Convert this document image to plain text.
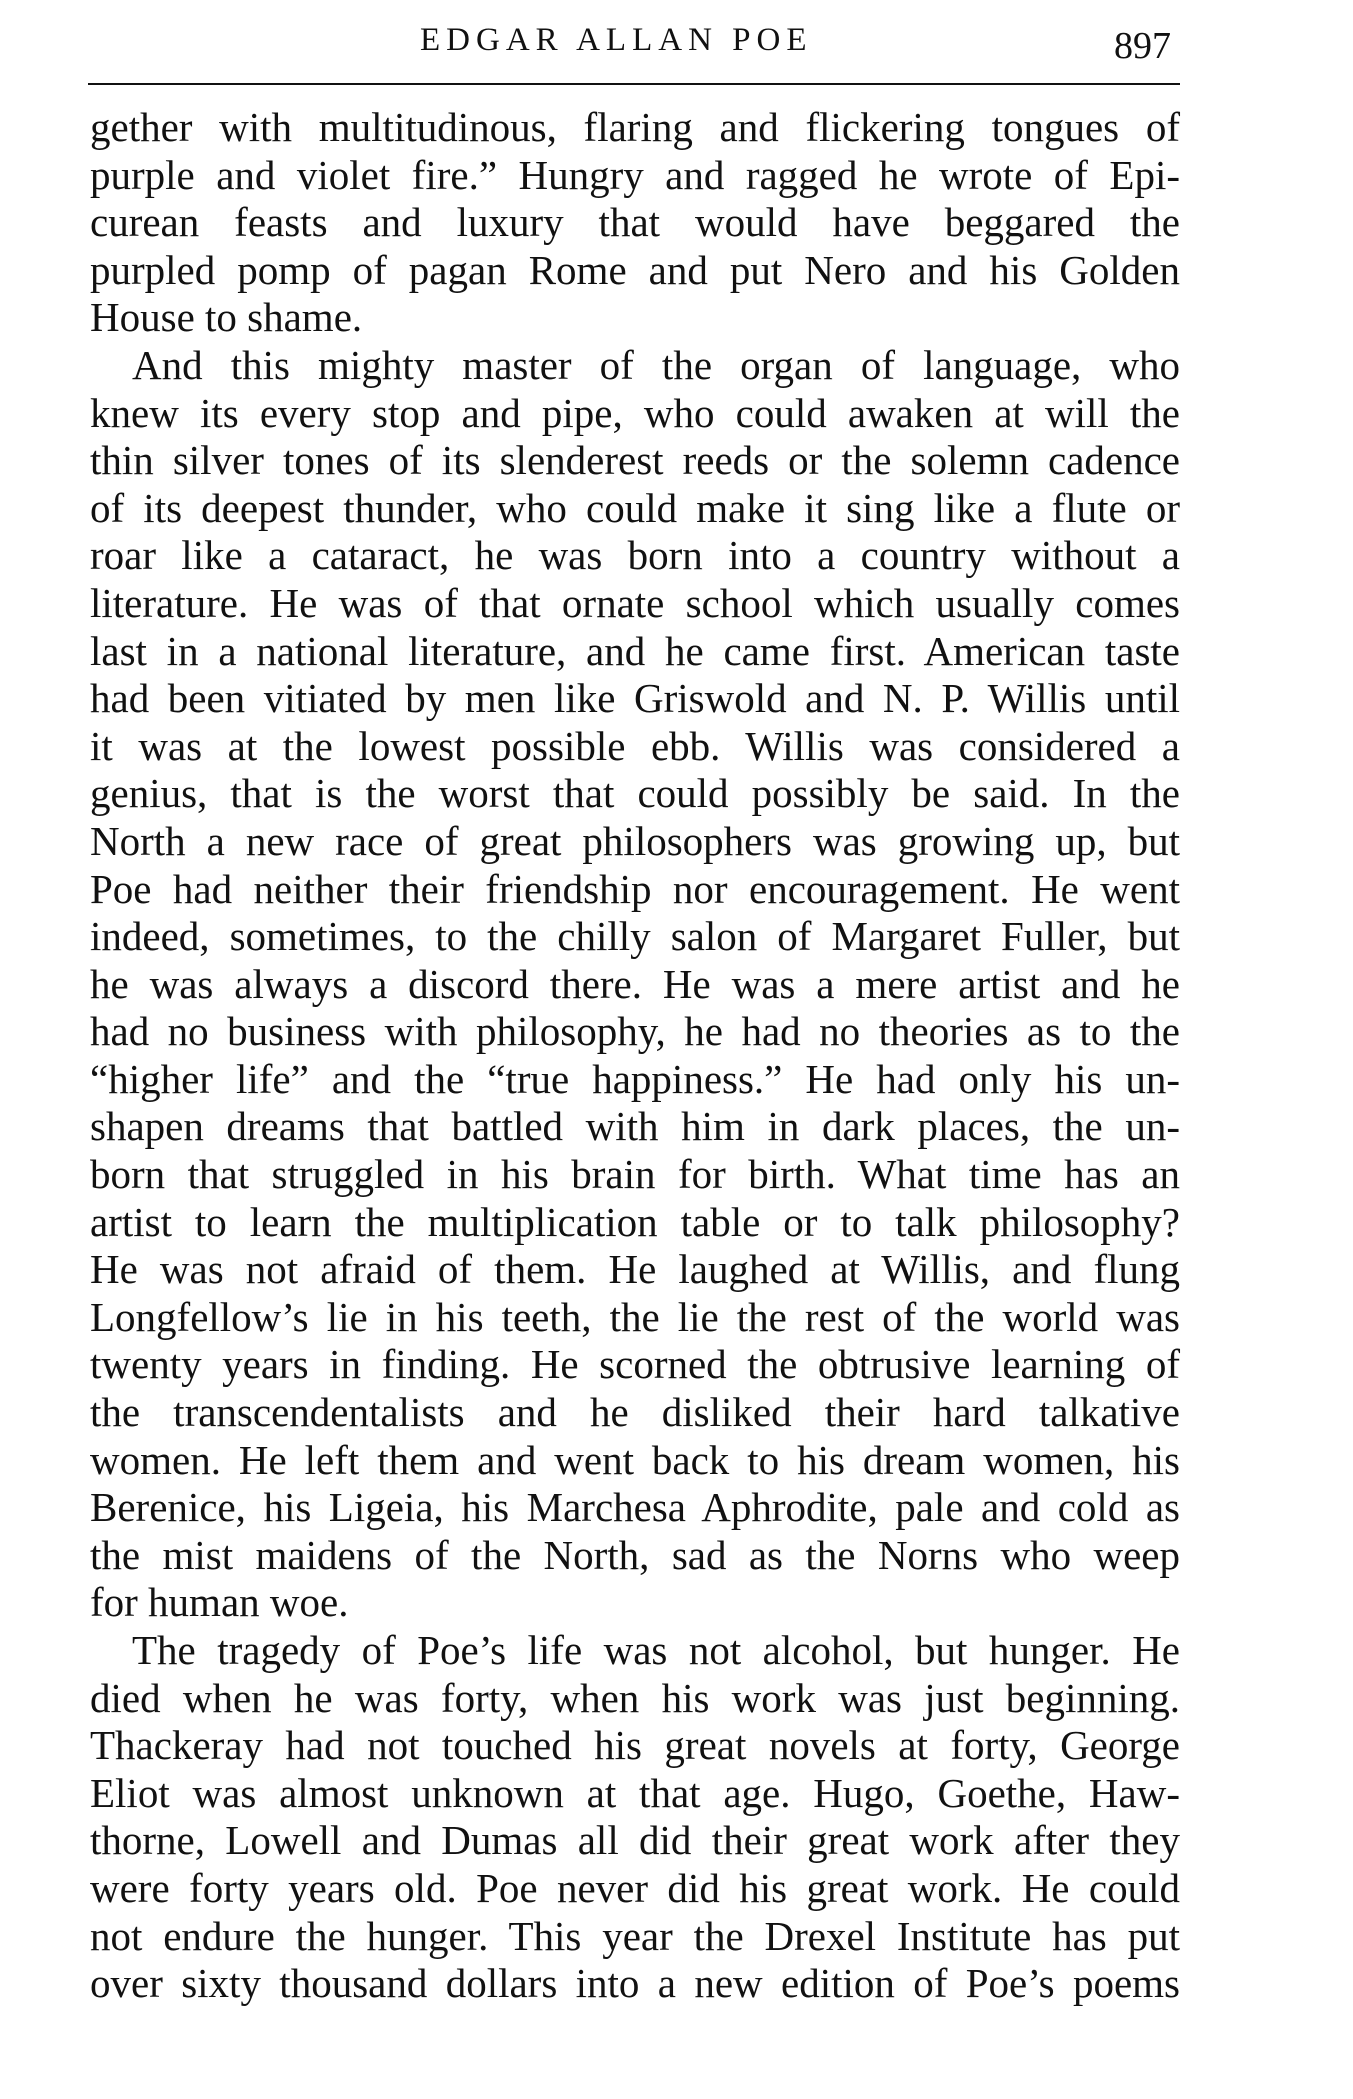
EDGAR ALLAN POE	897
gether with multitudinous, flaring and flickering tongues of
purple and violet fire.” Hungry and ragged he wrote of Epi-
curean feasts and luxury that would have beggared the
purpled pomp of pagan Rome and put Nero and his Golden
House to shame.
And this mighty master of the organ of language, who
knew its every stop and pipe, who could awaken at will the
thin silver tones of its slenderest reeds or the solemn cadence
of its deepest thunder, who could make it sing like a flute or
roar like a cataract, he was born into a country without a
literature. He was of that ornate school which usually comes
last in a national literature, and he came first. American taste
had been vitiated by men like Griswold and N. P. Willis until
it was at the lowest possible ebb. Willis was considered a
genius, that is the worst that could possibly be said. In the
North a new race of great philosophers was growing up, but
Poe had neither their friendship nor encouragement. He went
indeed, sometimes, to the chilly salon of Margaret Fuller, but
he was always a discord there. He was a mere artist and he
had no business with philosophy, he had no theories as to the
“higher life” and the “true happiness.” He had only his un-
shapen dreams that battled with him in dark places, the un-
born that struggled in his brain for birth. What time has an
artist to learn the multiplication table or to talk philosophy?
He was not afraid of them. He laughed at Willis, and flung
Longfellow’s lie in his teeth, the lie the rest of the world was
twenty years in finding. He scorned the obtrusive learning of
the transcendentalists and he disliked their hard talkative
women. He left them and went back to his dream women, his
Berenice, his Ligeia, his Marchesa Aphrodite, pale and cold as
the mist maidens of the North, sad as the Norns who weep
for human woe.
The tragedy of Poe’s life was not alcohol, but hunger. He
died when he was forty, when his work was just beginning.
Thackeray had not touched his great novels at forty, George
Eliot was almost unknown at that age. Hugo, Goethe, Haw-
thorne, Lowell and Dumas all did their great work after they
were forty years old. Poe never did his great work. He could
not endure the hunger. This year the Drexel Institute has put
over sixty thousand dollars into a new edition of Poe’s poems
